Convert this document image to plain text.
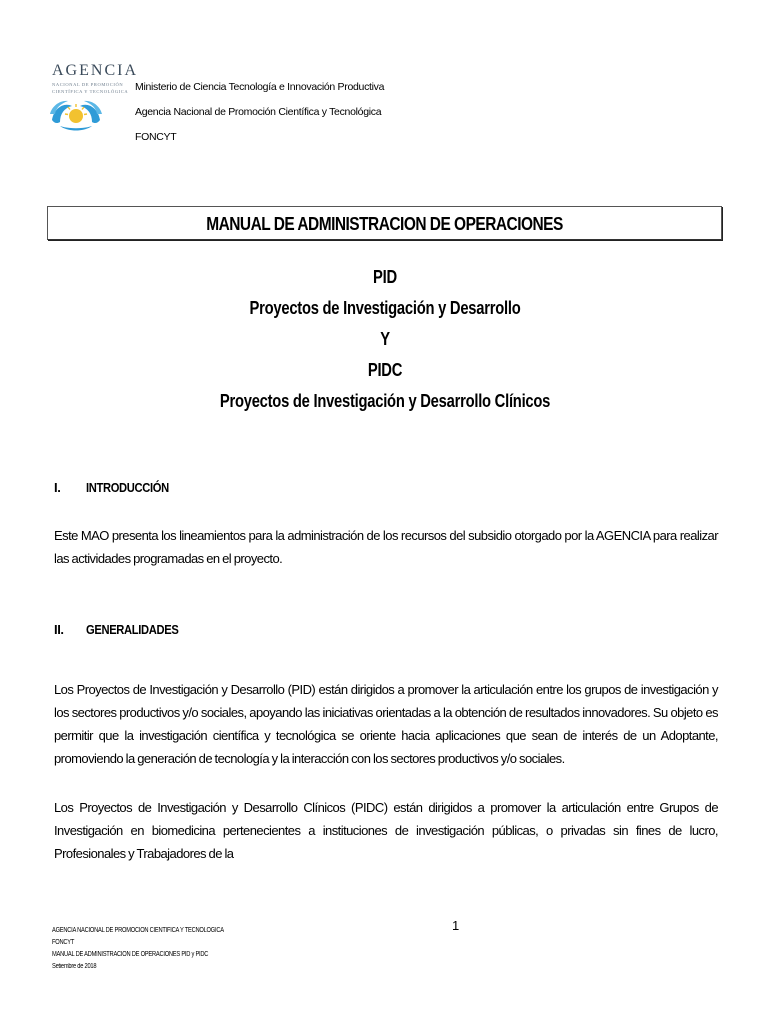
AGENCIA
NACIONAL DE PROMOCIÓN
CIENTÍFICA Y TECNOLÓGICA Ministerio de Ciencia Tecnología e Innovación Productiva
Agencia Nacional de Promoción Científica y Tecnológica
FONCYT
MANUAL DE ADMINISTRACION DE OPERACIONES
PID
Proyectos de Investigación y Desarrollo
Y
PIDC
Proyectos de Investigación y Desarrollo Clínicos
I. INTRODUCCIÓN
Este MAO presenta los lineamientos para la administración de los recursos del subsidio otorgado por la AGENCIA para realizar las actividades programadas en el proyecto.
II. GENERALIDADES
Los Proyectos de Investigación y Desarrollo (PID) están dirigidos a promover la articulación entre los grupos de investigación y los sectores productivos y/o sociales, apoyando las iniciativas orientadas a la obtención de resultados innovadores. Su objeto es permitir que la investigación científica y tecnológica se oriente hacia aplicaciones que sean de interés de un Adoptante, promoviendo la generación de tecnología y la interacción con los sectores productivos y/o sociales.
Los Proyectos de Investigación y Desarrollo Clínicos (PIDC) están dirigidos a promover la articulación entre Grupos de Investigación en biomedicina pertenecientes a instituciones de investigación públicas, o privadas sin fines de lucro, Profesionales y Trabajadores de la
AGENCIA NACIONAL DE PROMOCION CIENTIFICA Y TECNOLOGICA
FONCYT
MANUAL DE ADMINISTRACION DE OPERACIONES PID y PIDC
Setiembre de 2018
1
